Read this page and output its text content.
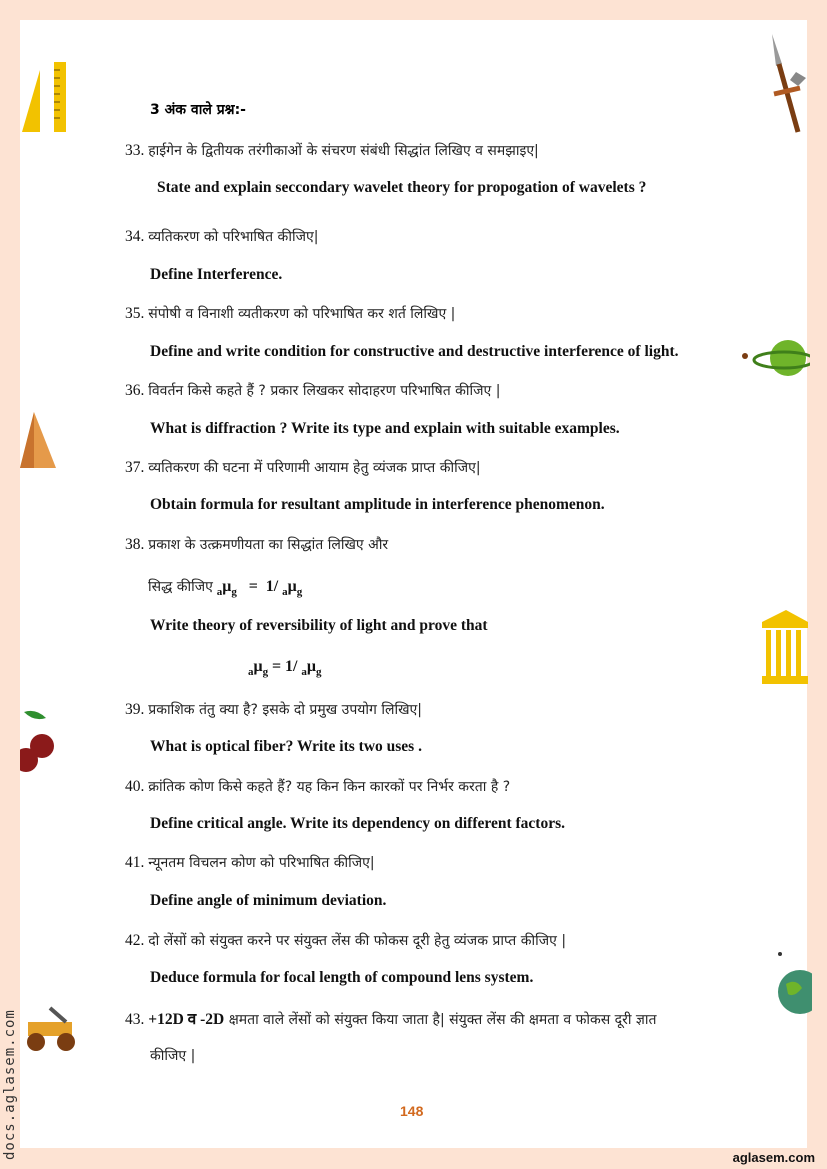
3 अंक वाले प्रश्न:-
33. हाईगेन के द्वितीयक तरंगीकाओं के संचरण संबंधी सिद्धांत लिखिए व समझाइए|
State and explain seccondary wavelet theory for propogation of wavelets ?
34. व्यतिकरण को परिभाषित कीजिए|
Define Interference.
35. संपोषी व विनाशी व्यतीकरण को परिभाषित कर शर्त लिखिए |
Define and write condition for constructive and destructive interference of light.
36. विवर्तन किसे कहते हैं ? प्रकार लिखकर सोदाहरण परिभाषित कीजिए |
What is diffraction ? Write its type and explain with suitable examples.
37. व्यतिकरण की घटना में परिणामी आयाम हेतु व्यंजक प्राप्त कीजिए|
Obtain formula for resultant amplitude in interference phenomenon.
38. प्रकाश के उत्क्रमणीयता का सिद्धांत लिखिए और
सिद्ध कीजिए $_a\mu_g = 1/$ $_a\mu_g$
Write theory of reversibility of light and prove that
$_a\mu_g = 1/$ $_a\mu_g$
39. प्रकाशिक तंतु क्या है? इसके दो प्रमुख उपयोग लिखिए|
What is optical fiber? Write its two uses .
40. क्रांतिक कोण किसे कहते हैं? यह किन किन कारकों पर निर्भर करता है ?
Define critical angle. Write its dependency on different factors.
41. न्यूनतम विचलन कोण को परिभाषित कीजिए|
Define angle of minimum deviation.
42. दो लेंसों को संयुक्त करने पर संयुक्त लेंस की फोकस दूरी हेतु व्यंजक प्राप्त कीजिए |
Deduce formula for focal length of compound lens system.
43. +12D व -2D क्षमता वाले लेंसों को संयुक्त किया जाता है| संयुक्त लेंस की क्षमता व फोकस दूरी ज्ञात
कीजिए |
148
aglasem.com
docs.aglasem.com
